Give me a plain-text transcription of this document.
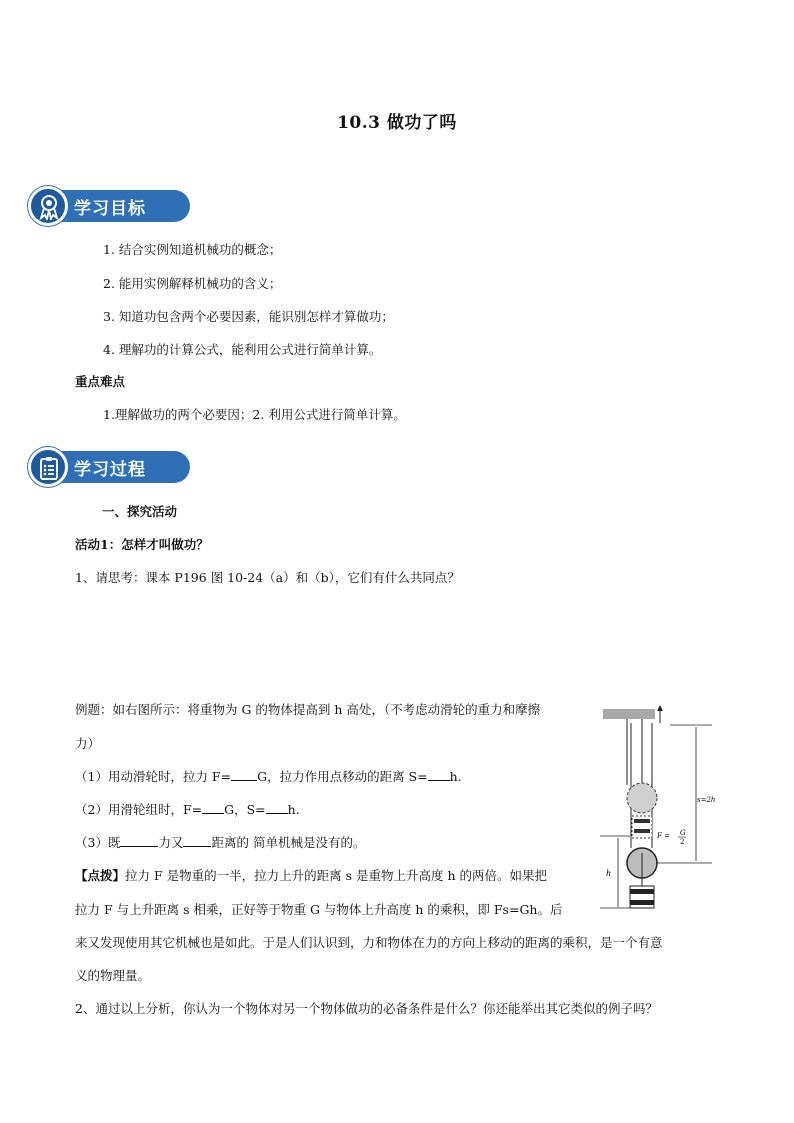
10.3 做功了吗
学习目标
1. 结合实例知道机械功的概念；
2. 能用实例解释机械功的含义；
3. 知道功包含两个必要因素，能识别怎样才算做功；
4. 理解功的计算公式，能利用公式进行简单计算。
重点难点
1.理解做功的两个必要因；2. 利用公式进行简单计算。
学习过程
一、探究活动
活动1：怎样才叫做功？
1、请思考：课本 P196 图 10-24（a）和（b），它们有什么共同点？
例题：如右图所示：将重物为 G 的物体提高到 h 高处，（不考虑动滑轮的重力和摩擦
力）
（1）用动滑轮时，拉力 F= G，拉力作用点移动的距离 S= h.
（2）用滑轮组时，F= G，S= h.
（3）既	力又 距离的 简单机械是没有的。
【点拨】拉力 F 是物重的一半，拉力上升的距离 s 是重物上升高度 h 的两倍。如果把
拉力 F 与上升距离 s 相乘，正好等于物重 G 与物体上升高度 h 的乘积，即 Fs=Gh。后
来又发现使用其它机械也是如此。于是人们认识到，力和物体在力的方向上移动的距离的乘积，是一个有意
义的物理量。
2、通过以上分析，你认为一个物体对另一个物体做功的必备条件是什么？你还能举出其它类似的例子吗？
h
s=2h
F = G
2
